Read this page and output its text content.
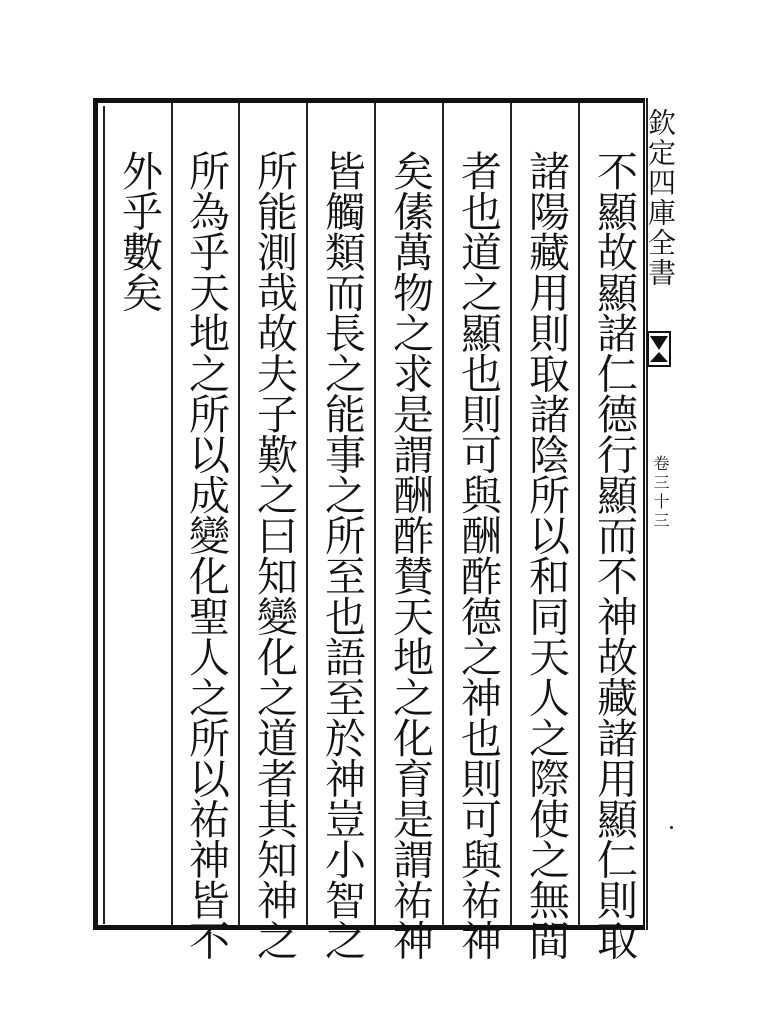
不顯故顯諸仁德行顯而不神故藏諸用顯仁則取
諸陽藏用則取諸陰所以和同天人之際使之無間
者也道之顯也則可與酬酢德之神也則可與祐神
矣傃萬物之求是謂酬酢賛天地之化育是謂祐神
皆觸類而長之能事之所至也語至於神豈小智之
所能測哉故夫子歎之曰知變化之道者其知神之
所為乎天地之所以成變化聖人之所以祐神皆不
外乎數矣	欽定四庫全書
卷三十三
